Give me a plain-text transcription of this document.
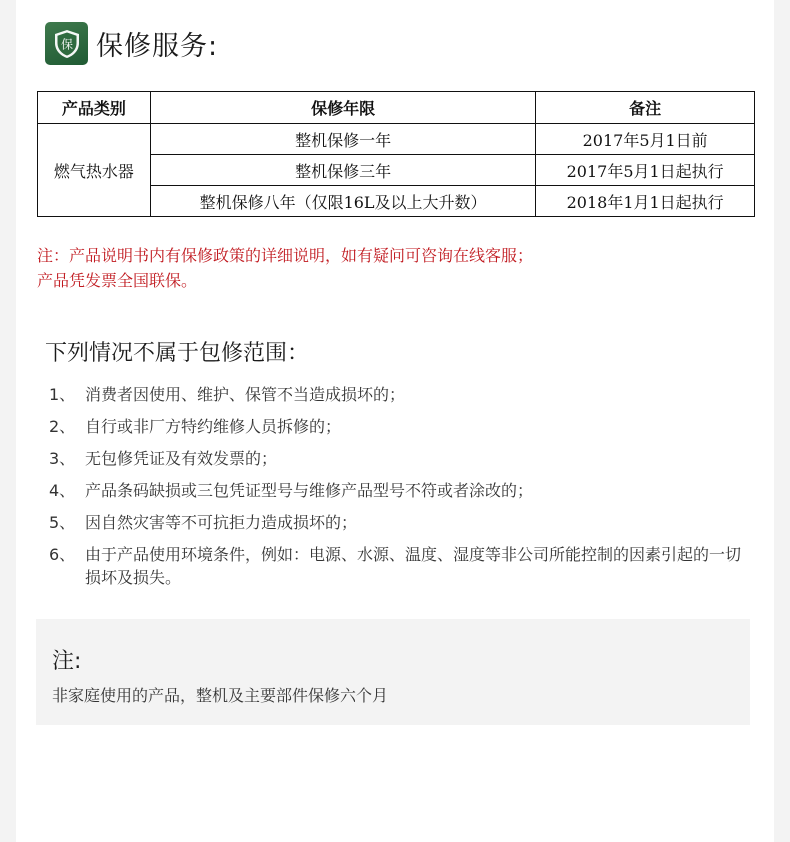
保 保修服务:
产品类别	保修年限	备注
燃气热水器	整机保修一年	2017年5月1日前
	整机保修三年	2017年5月1日起执行
	整机保修八年（仅限16L及以上大升数）	2018年1月1日起执行
注：产品说明书内有保修政策的详细说明，如有疑问可咨询在线客服；
产品凭发票全国联保。
下列情况不属于包修范围：
1、 消费者因使用、维护、保管不当造成损坏的；
2、 自行或非厂方特约维修人员拆修的；
3、 无包修凭证及有效发票的；
4、 产品条码缺损或三包凭证型号与维修产品型号不符或者涂改的；
5、 因自然灾害等不可抗拒力造成损坏的；
6、 由于产品使用环境条件，例如：电源、水源、温度、湿度等非公司所能控制的因素引起的一切损坏及损失。
注:
非家庭使用的产品，整机及主要部件保修六个月
